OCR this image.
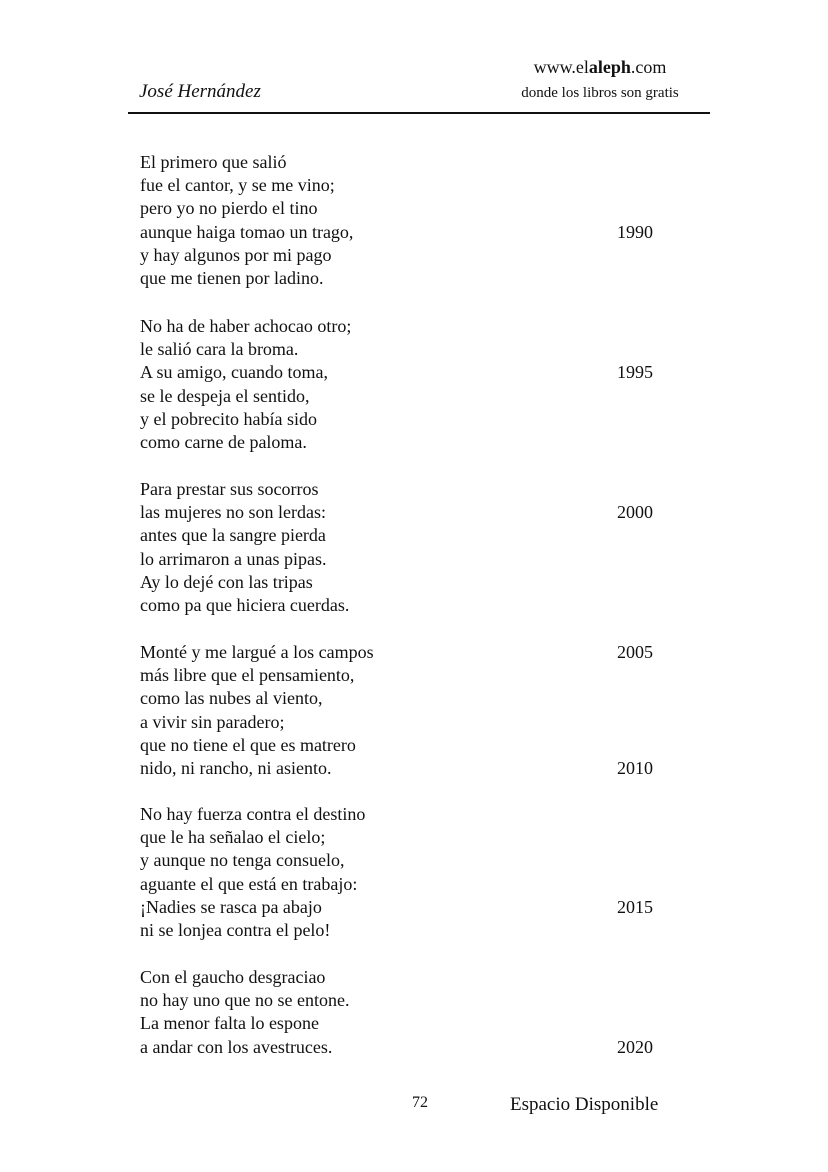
José Hernández
www.elaleph.com
donde los libros son gratis
El primero que salió
fue el cantor, y se me vino;
pero yo no pierdo el tino
aunque haiga tomao un trago,
y hay algunos por mi pago
que me tienen por ladino.
1990
No ha de haber achocao otro;
le salió cara la broma.
A su amigo, cuando toma,
se le despeja el sentido,
y el pobrecito había sido
como carne de paloma.
1995
Para prestar sus socorros
las mujeres no son lerdas:
antes que la sangre pierda
lo arrimaron a unas pipas.
Ay lo dejé con las tripas
como pa que hiciera cuerdas.
2000
Monté y me largué a los campos
más libre que el pensamiento,
como las nubes al viento,
a vivir sin paradero;
que no tiene el que es matrero
nido, ni rancho, ni asiento.
2005
2010
No hay fuerza contra el destino
que le ha señalao el cielo;
y aunque no tenga consuelo,
aguante el que está en trabajo:
¡Nadies se rasca pa abajo
ni se lonjea contra el pelo!
2015
Con el gaucho desgraciao
no hay uno que no se entone.
La menor falta lo espone
a andar con los avestruces.	2020
72	Espacio Disponible
